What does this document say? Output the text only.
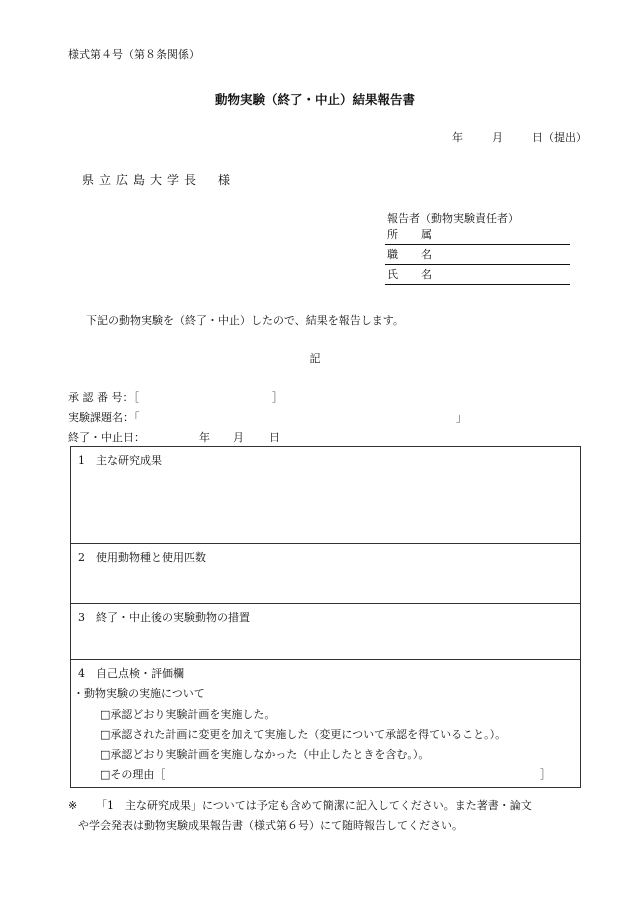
様式第４号（第８条関係）
動物実験（終了・中止）結果報告書
年	月	日（提出）
県立広島大学長　様
報告者（動物実験責任者）
所　属
職　名
氏　名
下記の動物実験を（終了・中止）したので、結果を報告します。
記
承 認 番 号：［	］
実験課題名：「	」
終了・中止日：	年 月 日
1　主な研究成果
2　使用動物種と使用匹数
3　終了・中止後の実験動物の措置
4　自己点検・評価欄
・動物実験の実施について
□承認どおり実験計画を実施した。
□承認された計画に変更を加えて実施した（変更について承認を得ていること。）。
□承認どおり実験計画を実施しなかった（中止したときを含む。）。
□その理由［	］
※ 「1　主な研究成果」については予定も含めて簡潔に記入してください。また著書・論文
や学会発表は動物実験成果報告書（様式第６号）にて随時報告してください。
